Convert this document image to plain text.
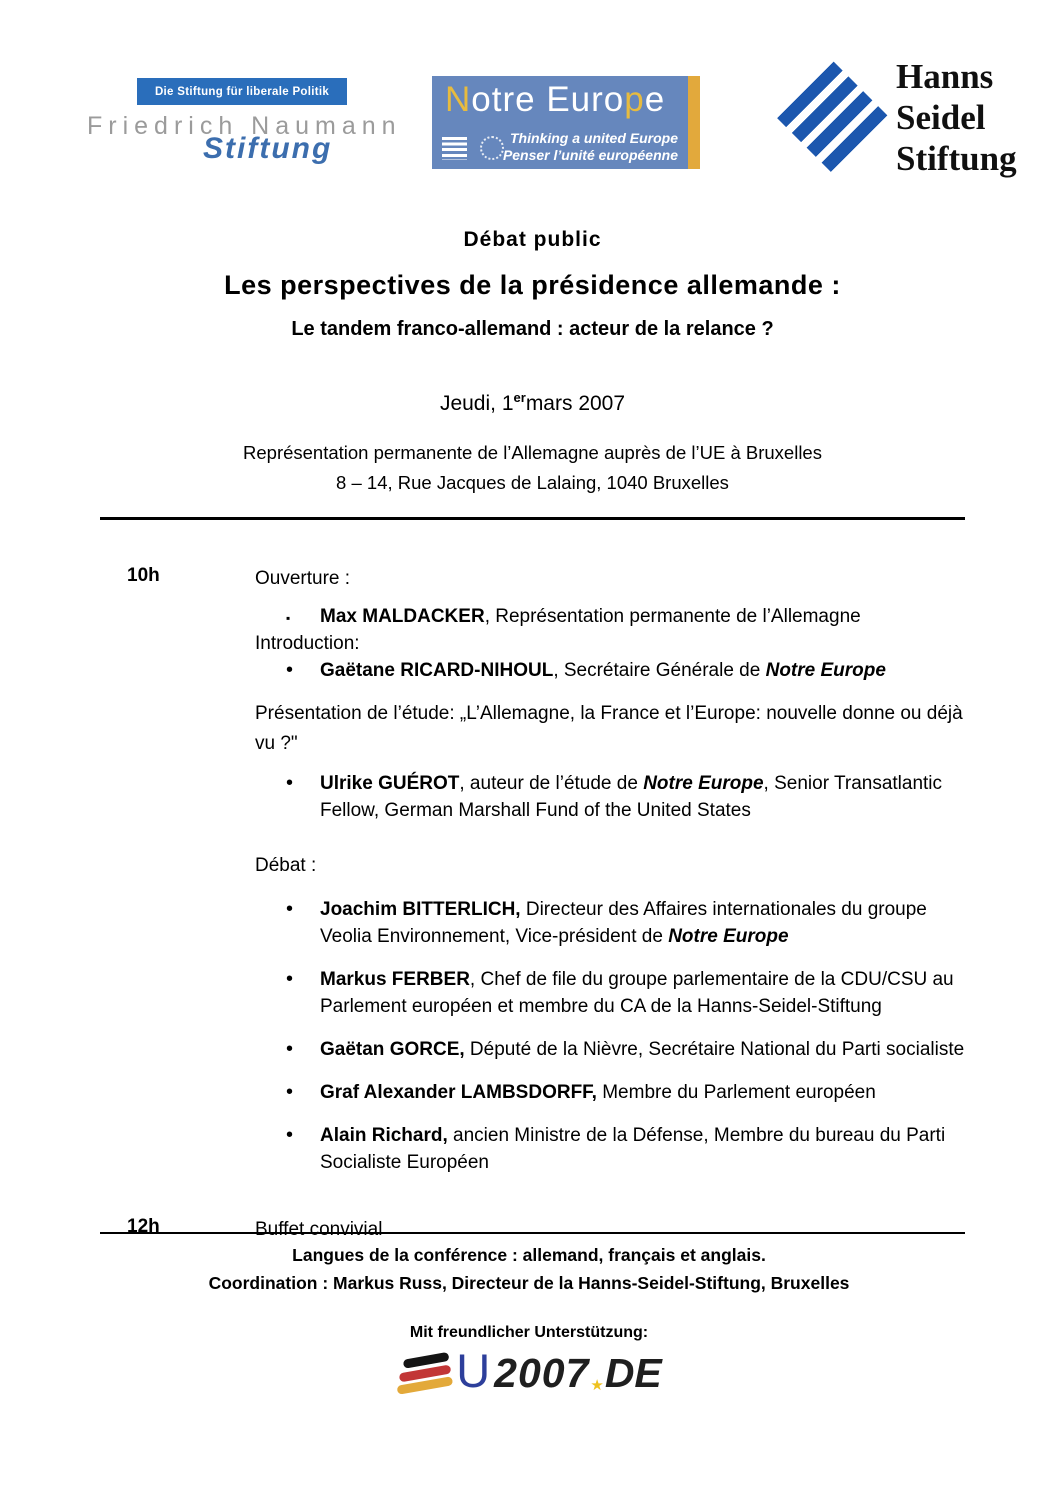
Die Stiftung für liberale Politik
Friedrich Naumann
Stiftung
Notre Europe
Thinking a united Europe
Penser l’unité européenne
Hanns
Seidel
Stiftung
Débat public
Les perspectives de la présidence allemande :
Le tandem franco-allemand : acteur de la relance ?
Jeudi, 1ermars 2007
Représentation permanente de l’Allemagne auprès de l’UE à Bruxelles
8 – 14, Rue Jacques de Lalaing, 1040 Bruxelles
10h	Ouverture :

▪
Max MALDACKER, Représentation permanente de l’Allemagne

Introduction:

•
Gaëtane RICARD-NIHOUL, Secrétaire Générale de Notre Europe

Présentation de l’étude: „L’Allemagne, la France et l’Europe: nouvelle donne ou déjà vu ?"

•
Ulrike GUÉROT, auteur de l’étude de Notre Europe, Senior Transatlantic Fellow, German Marshall Fund of the United States

Débat :

•
Joachim BITTERLICH, Directeur des Affaires internationales du groupe Veolia Environnement, Vice-président de Notre Europe

•
Markus FERBER, Chef de file du groupe parlementaire de la CDU/CSU au Parlement européen et membre du CA de la Hanns-Seidel-Stiftung

•
Gaëtan GORCE, Député de la Nièvre, Secrétaire National du Parti socialiste

•
Graf Alexander LAMBSDORFF, Membre du Parlement européen

•
Alain Richard, ancien Ministre de la Défense, Membre du bureau du Parti Socialiste Européen

12h	Buffet convivial

Langues de la conférence : allemand, français et anglais.
Coordination : Markus Russ, Directeur de la Hanns-Seidel-Stiftung, Bruxelles
Mit freundlicher Unterstützung:
U 2007 ★ DE
